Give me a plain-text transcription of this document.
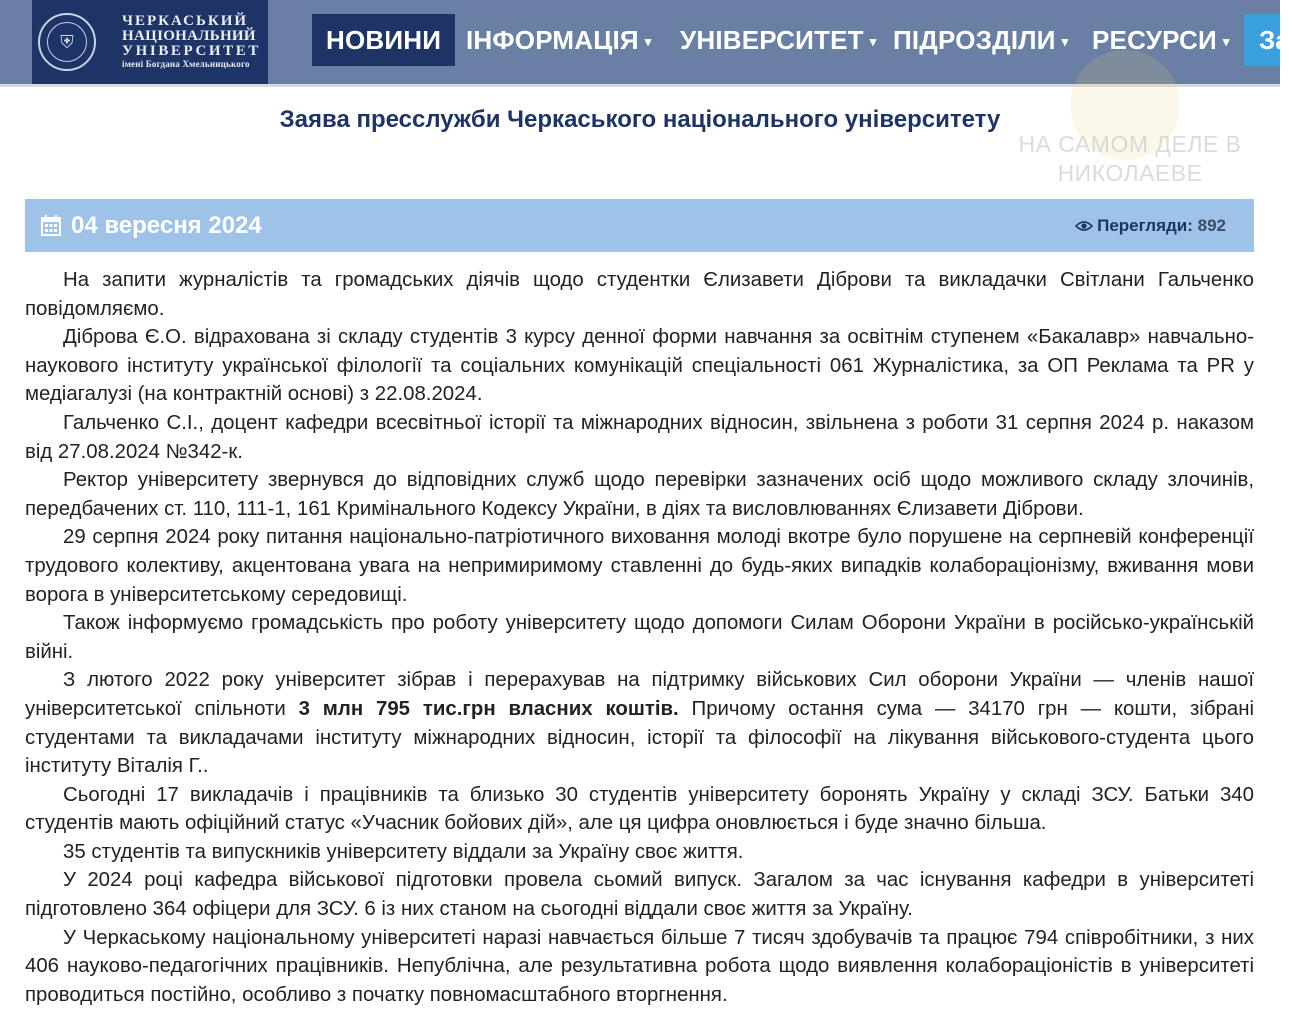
⛨
ЧЕРКАСЬКИЙ
НАЦІОНАЛЬНИЙ
УНІВЕРСИТЕТ
імені Богдана Хмельницького
НОВИНИ ІНФОРМАЦІЯ ▾ УНІВЕРСИТЕТ ▾ ПІДРОЗДІЛИ ▾ РЕСУРСИ ▾	За
НА САМОМ ДЕЛЕ В
НИКОЛАЕВЕ
Заява пресслужби Черкаського національного університету
04 вересня 2024	Перегляди: 892

На запити журналістів та громадських діячів щодо студентки Єлизавети Діброви та викладачки Світлани Гальченко повідомляємо.

Діброва Є.О. відрахована зі складу студентів 3 курсу денної форми навчання за освітнім ступенем «Бакалавр» навчально-наукового інституту української філології та соціальних комунікацій спеціальності 061 Журналістика, за ОП Реклама та PR у медіагалузі (на контрактній основі) з 22.08.2024.

Гальченко С.І., доцент кафедри всесвітньої історії та міжнародних відносин, звільнена з роботи 31 серпня 2024 р. наказом від 27.08.2024 №342-к.

Ректор університету звернувся до відповідних служб щодо перевірки зазначених осіб щодо можливого складу злочинів, передбачених ст. 110, 111-1, 161 Кримінального Кодексу України, в діях та висловлюваннях Єлизавети Діброви.

29 серпня 2024 року питання національно-патріотичного виховання молоді вкотре було порушене на серпневій конференції трудового колективу, акцентована увага на непримиримому ставленні до будь-яких випадків колабораціонізму, вживання мови ворога в університетському середовищі.

Також інформуємо громадськість про роботу університету щодо допомоги Силам Оборони України в російсько-українській війні.

З лютого 2022 року університет зібрав і перерахував на підтримку військових Сил оборони України — членів нашої університетської спільноти 3 млн 795 тис.грн власних коштів. Причому остання сума — 34170 грн — кошти, зібрані студентами та викладачами інституту міжнародних відносин, історії та філософії на лікування військового-студента цього інституту Віталія Г..

Сьогодні 17 викладачів і працівників та близько 30 студентів університету боронять Україну у складі ЗСУ. Батьки 340 студентів мають офіційний статус «Учасник бойових дій», але ця цифра оновлюється і буде значно більша.

35 студентів та випускників університету віддали за Україну своє життя.

У 2024 році кафедра військової підготовки провела сьомий випуск. Загалом за час існування кафедри в університеті підготовлено 364 офіцери для ЗСУ. 6 із них станом на сьогодні віддали своє життя за Україну.

У Черкаському національному університеті наразі навчається більше 7 тисяч здобувачів та працює 794 співробітники, з них 406 науково-педагогічних працівників. Непублічна, але результативна робота щодо виявлення колабораціоністів в університеті проводиться постійно, особливо з початку повномасштабного вторгнення.
